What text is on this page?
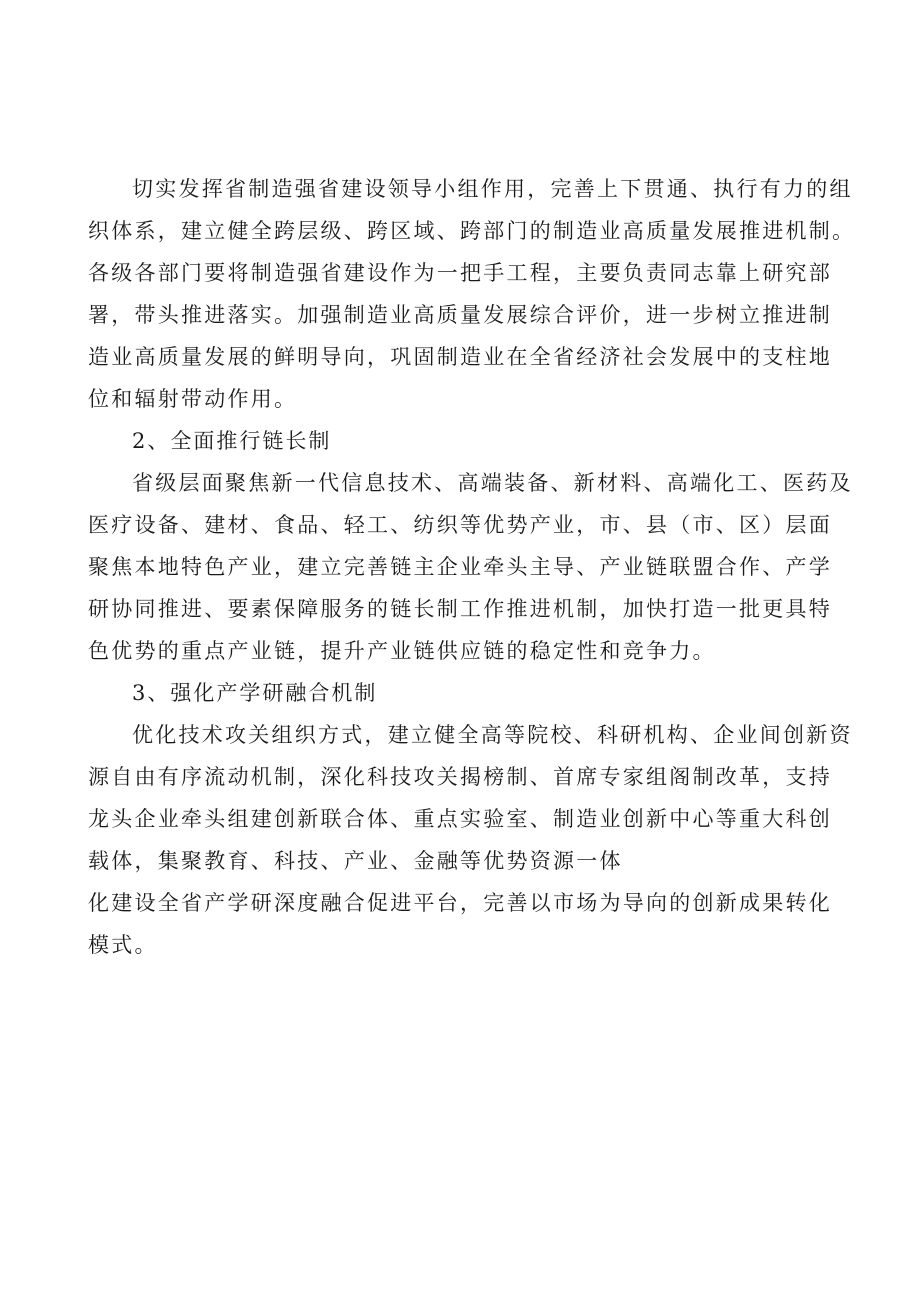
切实发挥省制造强省建设领导小组作用，完善上下贯通、执行有力的组
织体系，建立健全跨层级、跨区域、跨部门的制造业高质量发展推进机制。
各级各部门要将制造强省建设作为一把手工程，主要负责同志靠上研究部
署，带头推进落实。加强制造业高质量发展综合评价，进一步树立推进制
造业高质量发展的鲜明导向，巩固制造业在全省经济社会发展中的支柱地
位和辐射带动作用。
2、全面推行链长制
省级层面聚焦新一代信息技术、高端装备、新材料、高端化工、医药及
医疗设备、建材、食品、轻工、纺织等优势产业，市、县（市、区）层面
聚焦本地特色产业，建立完善链主企业牵头主导、产业链联盟合作、产学
研协同推进、要素保障服务的链长制工作推进机制，加快打造一批更具特
色优势的重点产业链，提升产业链供应链的稳定性和竞争力。
3、强化产学研融合机制
优化技术攻关组织方式，建立健全高等院校、科研机构、企业间创新资
源自由有序流动机制，深化科技攻关揭榜制、首席专家组阁制改革，支持
龙头企业牵头组建创新联合体、重点实验室、制造业创新中心等重大科创
载体，集聚教育、科技、产业、金融等优势资源一体
化建设全省产学研深度融合促进平台，完善以市场为导向的创新成果转化
模式。
